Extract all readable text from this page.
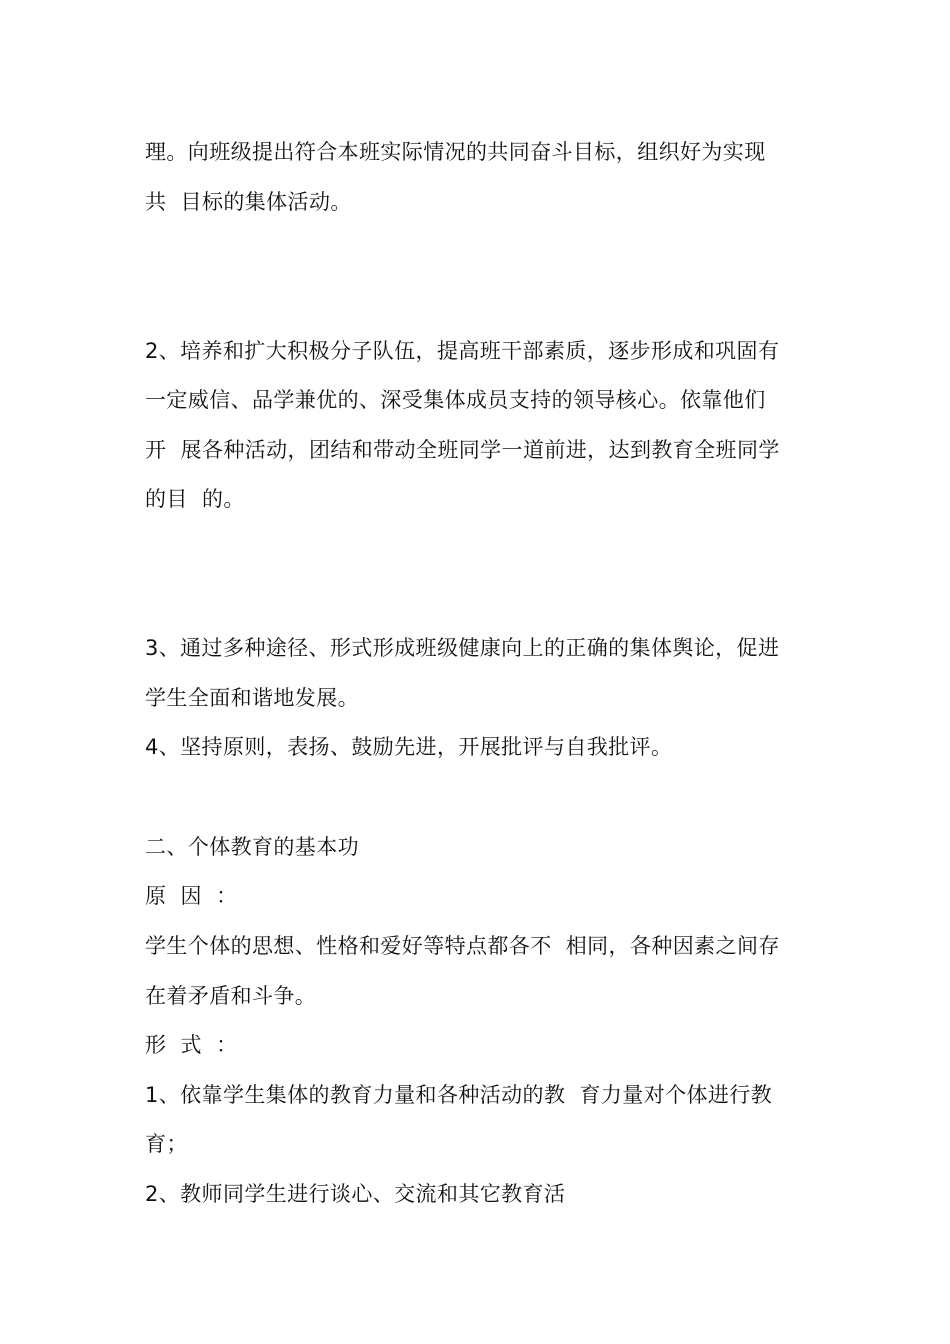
理。向班级提出符合本班实际情况的共同奋斗目标，组织好为实现
共  目标的集体活动。
2、培养和扩大积极分子队伍，提高班干部素质，逐步形成和巩固有
一定威信、品学兼优的、深受集体成员支持的领导核心。依靠他们
开  展各种活动，团结和带动全班同学一道前进，达到教育全班同学
的目  的。
3、通过多种途径、形式形成班级健康向上的正确的集体舆论，促进
学生全面和谐地发展。
4、坚持原则，表扬、鼓励先进，开展批评与自我批评。
二、个体教育的基本功
原  因  ：
学生个体的思想、性格和爱好等特点都各不  相同，各种因素之间存
在着矛盾和斗争。
形  式  ：
1、依靠学生集体的教育力量和各种活动的教  育力量对个体进行教
育；
2、教师同学生进行谈心、交流和其它教育活
